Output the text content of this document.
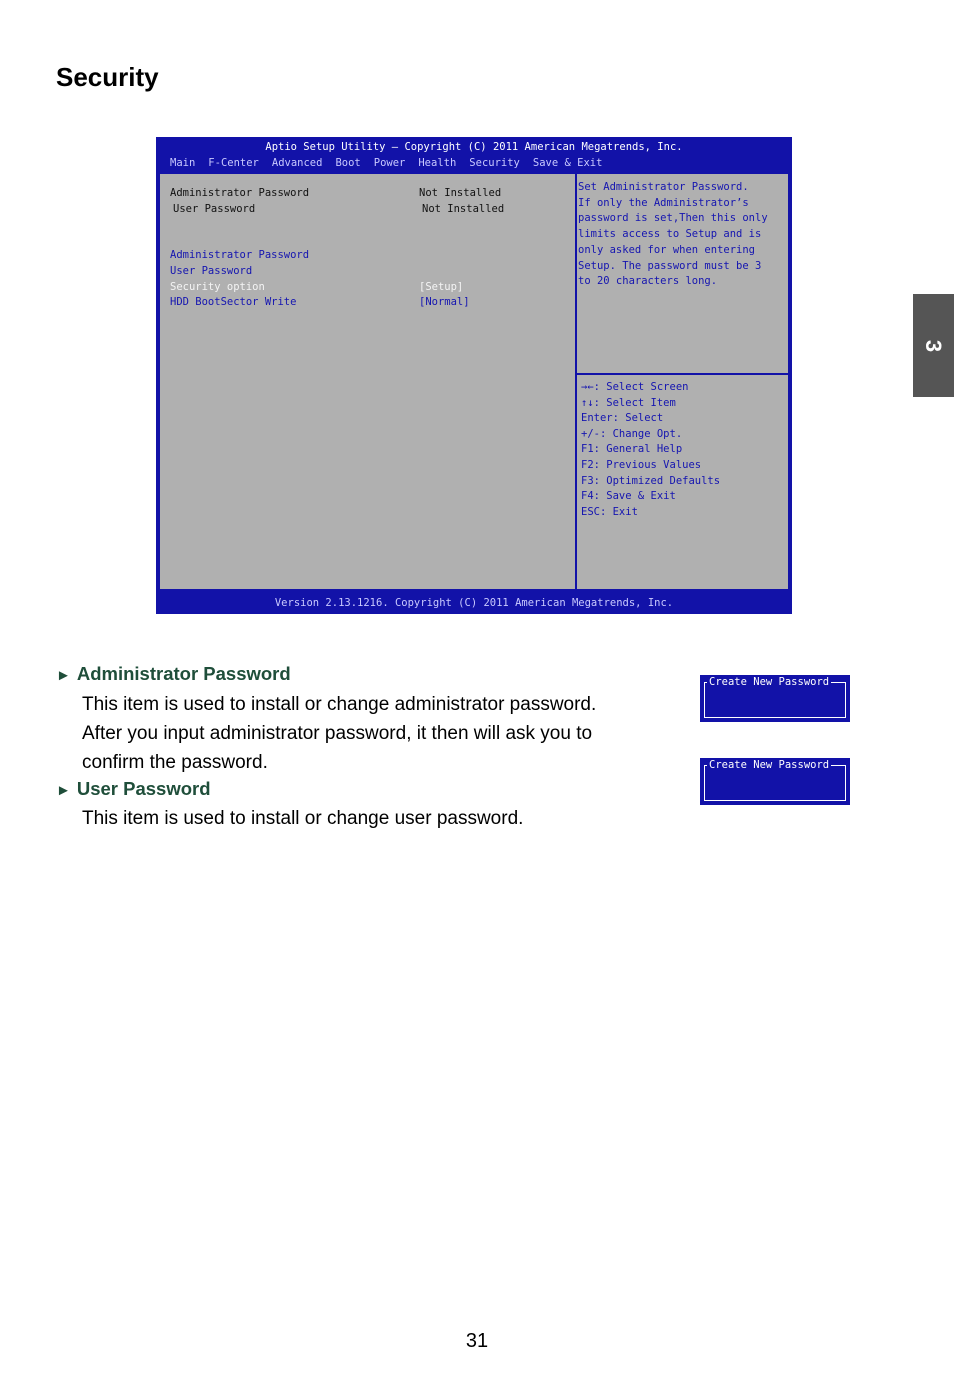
Security
3
Aptio Setup Utility – Copyright (C) 2011 American Megatrends, Inc.
Main F-Center Advanced Boot Power Health Security Save & Exit
Administrator Password	Not Installed
User Password	Not Installed
Administrator Password
User Password
Security option	[Setup]
HDD BootSector Write	[Normal]
Set Administrator Password.
If only the Administrator’s
password is set,Then this only
limits access to Setup and is
only asked for when entering
Setup. The password must be 3
to 20 characters long.
→←: Select Screen
↑↓: Select Item
Enter: Select
+/-: Change Opt.
F1: General Help
F2: Previous Values
F3: Optimized Defaults
F4: Save & Exit
ESC: Exit
Version 2.13.1216. Copyright (C) 2011 American Megatrends, Inc.
► Administrator Password
This item is used to install or change administrator password.
After you input administrator password, it then will ask you to
confirm the password.
Create New Password
► User Password
This item is used to install or change user password.
Create New Password
31
